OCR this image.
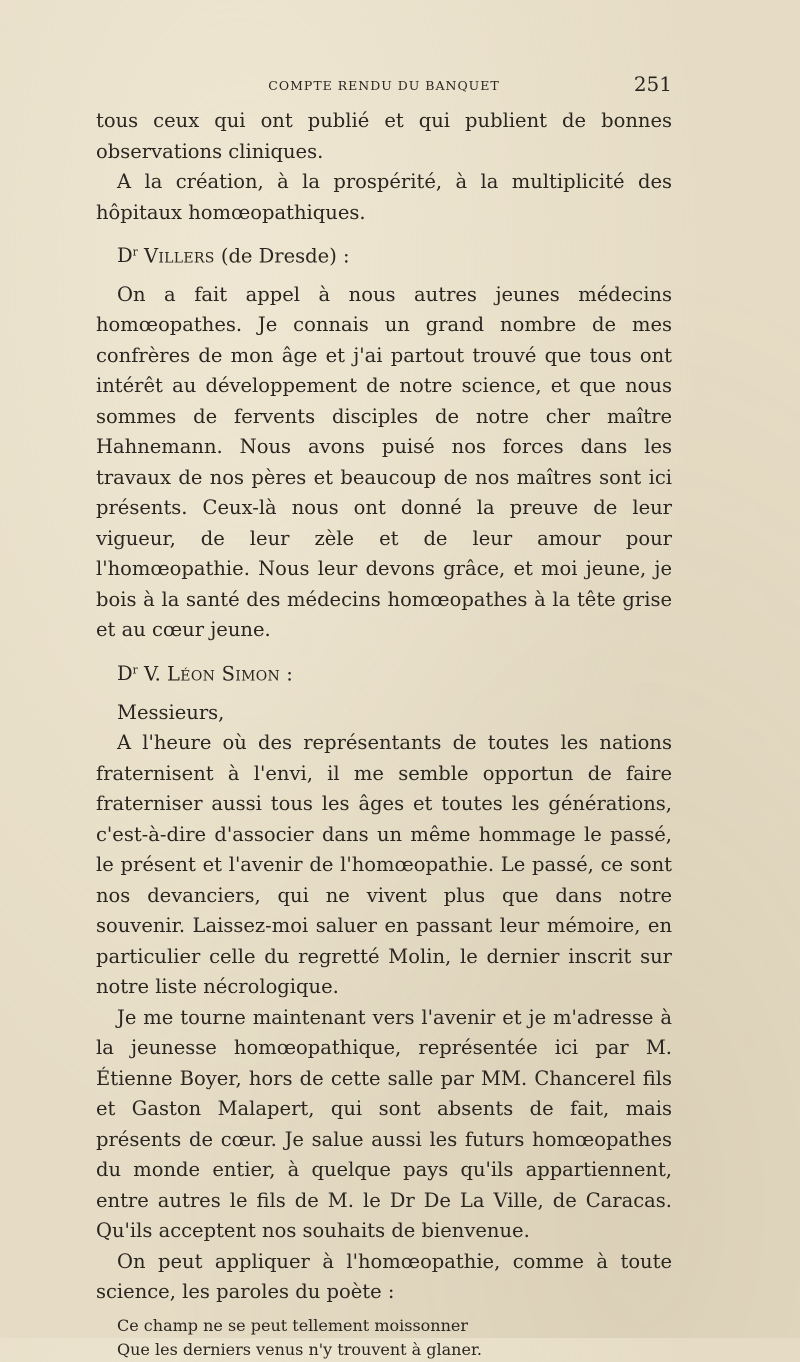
COMPTE RENDU DU BANQUET	251

tous ceux qui ont publié et qui publient de bonnes observations cliniques.

A la création, à la prospérité, à la multiplicité des hôpitaux homœopathiques.

$D^r$ Villers (de Dresde) :

On a fait appel à nous autres jeunes médecins homœopathes. Je connais un grand nombre de mes confrères de mon âge et j'ai partout trouvé que tous ont intérêt au développement de notre science, et que nous sommes de fervents disciples de notre cher maître Hahnemann. Nous avons puisé nos forces dans les travaux de nos pères et beaucoup de nos maîtres sont ici présents. Ceux-là nous ont donné la preuve de leur vigueur, de leur zèle et de leur amour pour l'homœopathie. Nous leur devons grâce, et moi jeune, je bois à la santé des médecins homœopathes à la tête grise et au cœur jeune.

$D^r$ V. Léon Simon :

Messieurs,

A l'heure où des représentants de toutes les nations fraternisent à l'envi, il me semble opportun de faire fraterniser aussi tous les âges et toutes les générations, c'est-à-dire d'associer dans un même hommage le passé, le présent et l'avenir de l'homœopathie. Le passé, ce sont nos devanciers, qui ne vivent plus que dans notre souvenir. Laissez-moi saluer en passant leur mémoire, en particulier celle du regretté Molin, le dernier inscrit sur notre liste nécrologique.

Je me tourne maintenant vers l'avenir et je m'adresse à la jeunesse homœopathique, représentée ici par M. Étienne Boyer, hors de cette salle par MM. Chancerel fils et Gaston Malapert, qui sont absents de fait, mais présents de cœur. Je salue aussi les futurs homœopathes du monde entier, à quelque pays qu'ils appartiennent, entre autres le fils de M. le Dr De La Ville, de Caracas. Qu'ils acceptent nos souhaits de bienvenue.

On peut appliquer à l'homœopathie, comme à toute science, les paroles du poète :

Ce champ ne se peut tellement moissonner
Que les derniers venus n'y trouvent à glaner.
